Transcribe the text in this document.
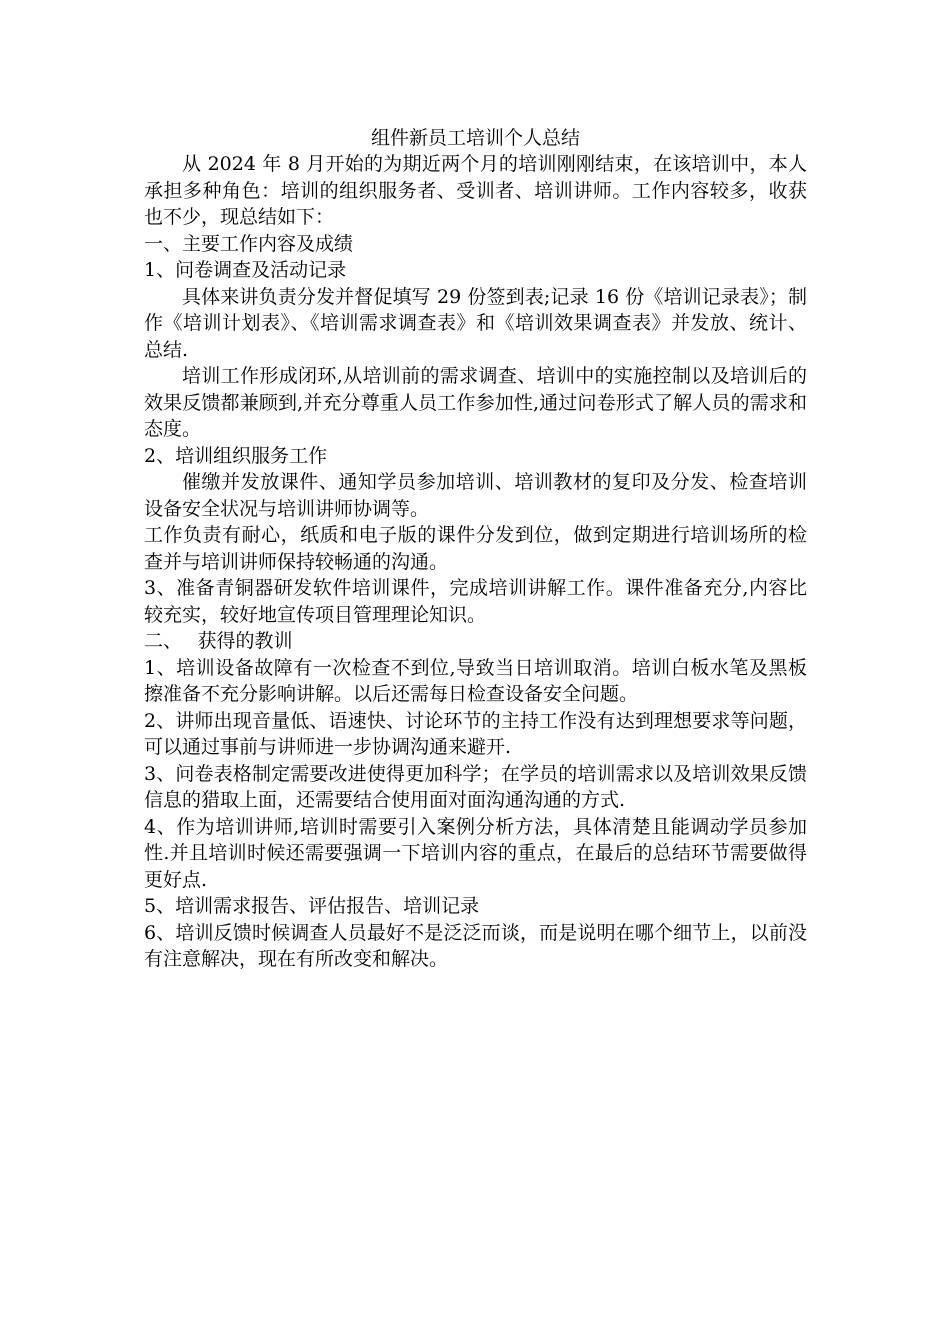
组件新员工培训个人总结

从 2024 年 8 月开始的为期近两个月的培训刚刚结束，在该培训中，本人承担多种角色：培训的组织服务者、受训者、培训讲师。工作内容较多，收获也不少，现总结如下：

一、主要工作内容及成绩

1、问卷调查及活动记录

具体来讲负责分发并督促填写 29 份签到表;记录 16 份《培训记录表》；制作《培训计划表》、《培训需求调查表》和《培训效果调查表》并发放、统计、总结.

培训工作形成闭环,从培训前的需求调查、培训中的实施控制以及培训后的效果反馈都兼顾到,并充分尊重人员工作参加性,通过问卷形式了解人员的需求和态度。

2、培训组织服务工作

催缴并发放课件、通知学员参加培训、培训教材的复印及分发、检查培训设备安全状况与培训讲师协调等。

工作负责有耐心，纸质和电子版的课件分发到位，做到定期进行培训场所的检查并与培训讲师保持较畅通的沟通。

3、准备青铜器研发软件培训课件，完成培训讲解工作。课件准备充分,内容比较充实，较好地宣传项目管理理论知识。

二、　 获得的教训

1、培训设备故障有一次检查不到位,导致当日培训取消。培训白板水笔及黑板擦准备不充分影响讲解。以后还需每日检查设备安全问题。

2、讲师出现音量低、语速快、讨论环节的主持工作没有达到理想要求等问题，可以通过事前与讲师进一步协调沟通来避开.

3、问卷表格制定需要改进使得更加科学；在学员的培训需求以及培训效果反馈信息的猎取上面，还需要结合使用面对面沟通沟通的方式.

4、作为培训讲师,培训时需要引入案例分析方法，具体清楚且能调动学员参加性.并且培训时候还需要强调一下培训内容的重点，在最后的总结环节需要做得更好点.

5、培训需求报告、评估报告、培训记录

6、培训反馈时候调查人员最好不是泛泛而谈，而是说明在哪个细节上，以前没有注意解决，现在有所改变和解决。
